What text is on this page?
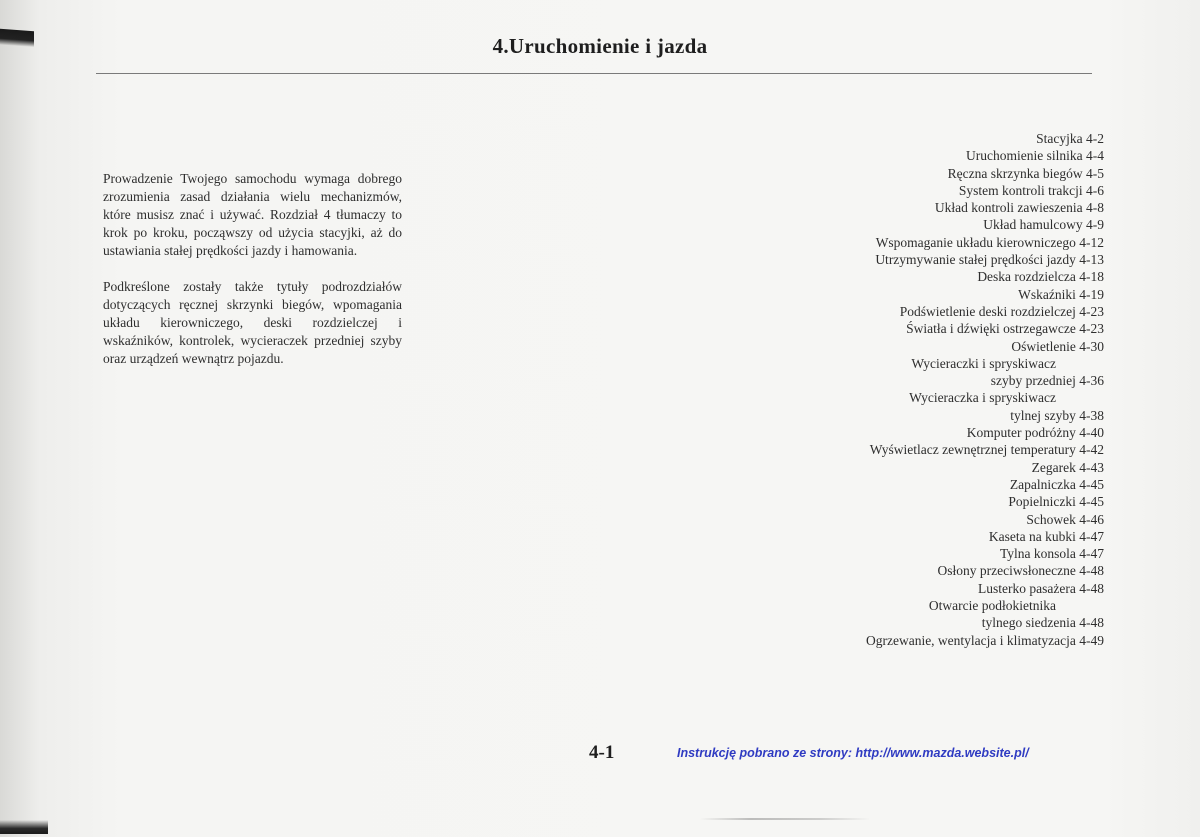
4.Uruchomienie i jazda

Prowadzenie Twojego samochodu wymaga dobrego zrozumienia zasad działania wielu mechanizmów, które musisz znać i używać. Rozdział 4 tłumaczy to krok po kroku, począwszy od użycia stacyjki, aż do ustawiania stałej prędkości jazdy i hamowania.

Podkreślone zostały także tytuły podrozdziałów dotyczących ręcznej skrzynki biegów, wpomagania układu kierowniczego, deski rozdzielczej i wskaźników, kontrolek, wycieraczek przedniej szyby oraz urządzeń wewnątrz pojazdu.

Stacyjka 4-2
Uruchomienie silnika 4-4
Ręczna skrzynka biegów 4-5
System kontroli trakcji 4-6
Układ kontroli zawieszenia 4-8
Układ hamulcowy 4-9
Wspomaganie układu kierowniczego 4-12
Utrzymywanie stałej prędkości jazdy 4-13
Deska rozdzielcza 4-18
Wskaźniki 4-19
Podświetlenie deski rozdzielczej 4-23
Światła i dźwięki ostrzegawcze 4-23
Oświetlenie 4-30
Wycieraczki i spryskiwacz
szyby przedniej 4-36
Wycieraczka i spryskiwacz
tylnej szyby 4-38
Komputer podróżny 4-40
Wyświetlacz zewnętrznej temperatury 4-42
Zegarek 4-43
Zapalniczka 4-45
Popielniczki 4-45
Schowek 4-46
Kaseta na kubki 4-47
Tylna konsola 4-47
Osłony przeciwsłoneczne 4-48
Lusterko pasażera 4-48
Otwarcie podłokietnika
tylnego siedzenia 4-48
Ogrzewanie, wentylacja i klimatyzacja 4-49
4-1	Instrukcję pobrano ze strony: http://www.mazda.website.pl/
